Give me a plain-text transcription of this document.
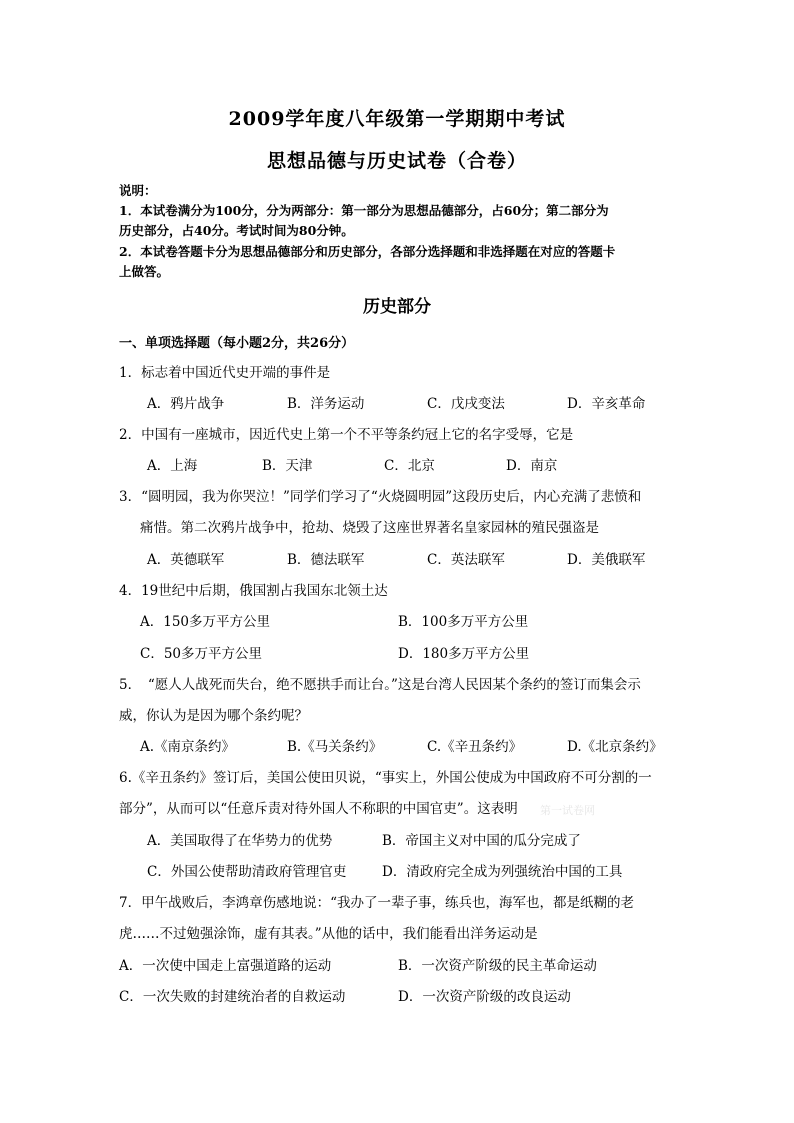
2009学年度八年级第一学期期中考试
思想品德与历史试卷（合卷）
说明：
1．本试卷满分为100分，分为两部分：第一部分为思想品德部分，占60分；第二部分为
历史部分，占40分。考试时间为80分钟。
2．本试卷答题卡分为思想品德部分和历史部分，各部分选择题和非选择题在对应的答题卡
上做答。
历史部分
一、单项选择题（每小题2分，共26分）
1．标志着中国近代史开端的事件是
A．鸦片战争	B．洋务运动	C．戊戌变法	D．辛亥革命
2．中国有一座城市，因近代史上第一个不平等条约冠上它的名字受辱，它是
A．上海	B．天津	C．北京	D．南京
3．“圆明园，我为你哭泣！”同学们学习了“火烧圆明园”这段历史后，内心充满了悲愤和
痛惜。第二次鸦片战争中，抢劫、烧毁了这座世界著名皇家园林的殖民强盗是
A．英德联军	B．德法联军	C．英法联军	D．美俄联军
4．19世纪中后期，俄国割占我国东北领土达
A．150多万平方公里	B．100多万平方公里
C．50多万平方公里	D．180多万平方公里
5．　“愿人人战死而失台，绝不愿拱手而让台。”这是台湾人民因某个条约的签订而集会示
威，你认为是因为哪个条约呢？
A.《南京条约》	B.《马关条约》	C.《辛丑条约》	D.《北京条约》
6.《辛丑条约》签订后，美国公使田贝说，“事实上，外国公使成为中国政府不可分割的一
部分”，从而可以“任意斥责对待外国人不称职的中国官吏”。这表明 第一试卷网
A．美国取得了在华势力的优势	B．帝国主义对中国的瓜分完成了
C．外国公使帮助清政府管理官吏	D．清政府完全成为列强统治中国的工具
7．甲午战败后，李鸿章伤感地说：“我办了一辈子事，练兵也，海军也，都是纸糊的老
虎……不过勉强涂饰，虚有其表。”从他的话中，我们能看出洋务运动是
A．一次使中国走上富强道路的运动	B．一次资产阶级的民主革命运动
C．一次失败的封建统治者的自救运动	D．一次资产阶级的改良运动
